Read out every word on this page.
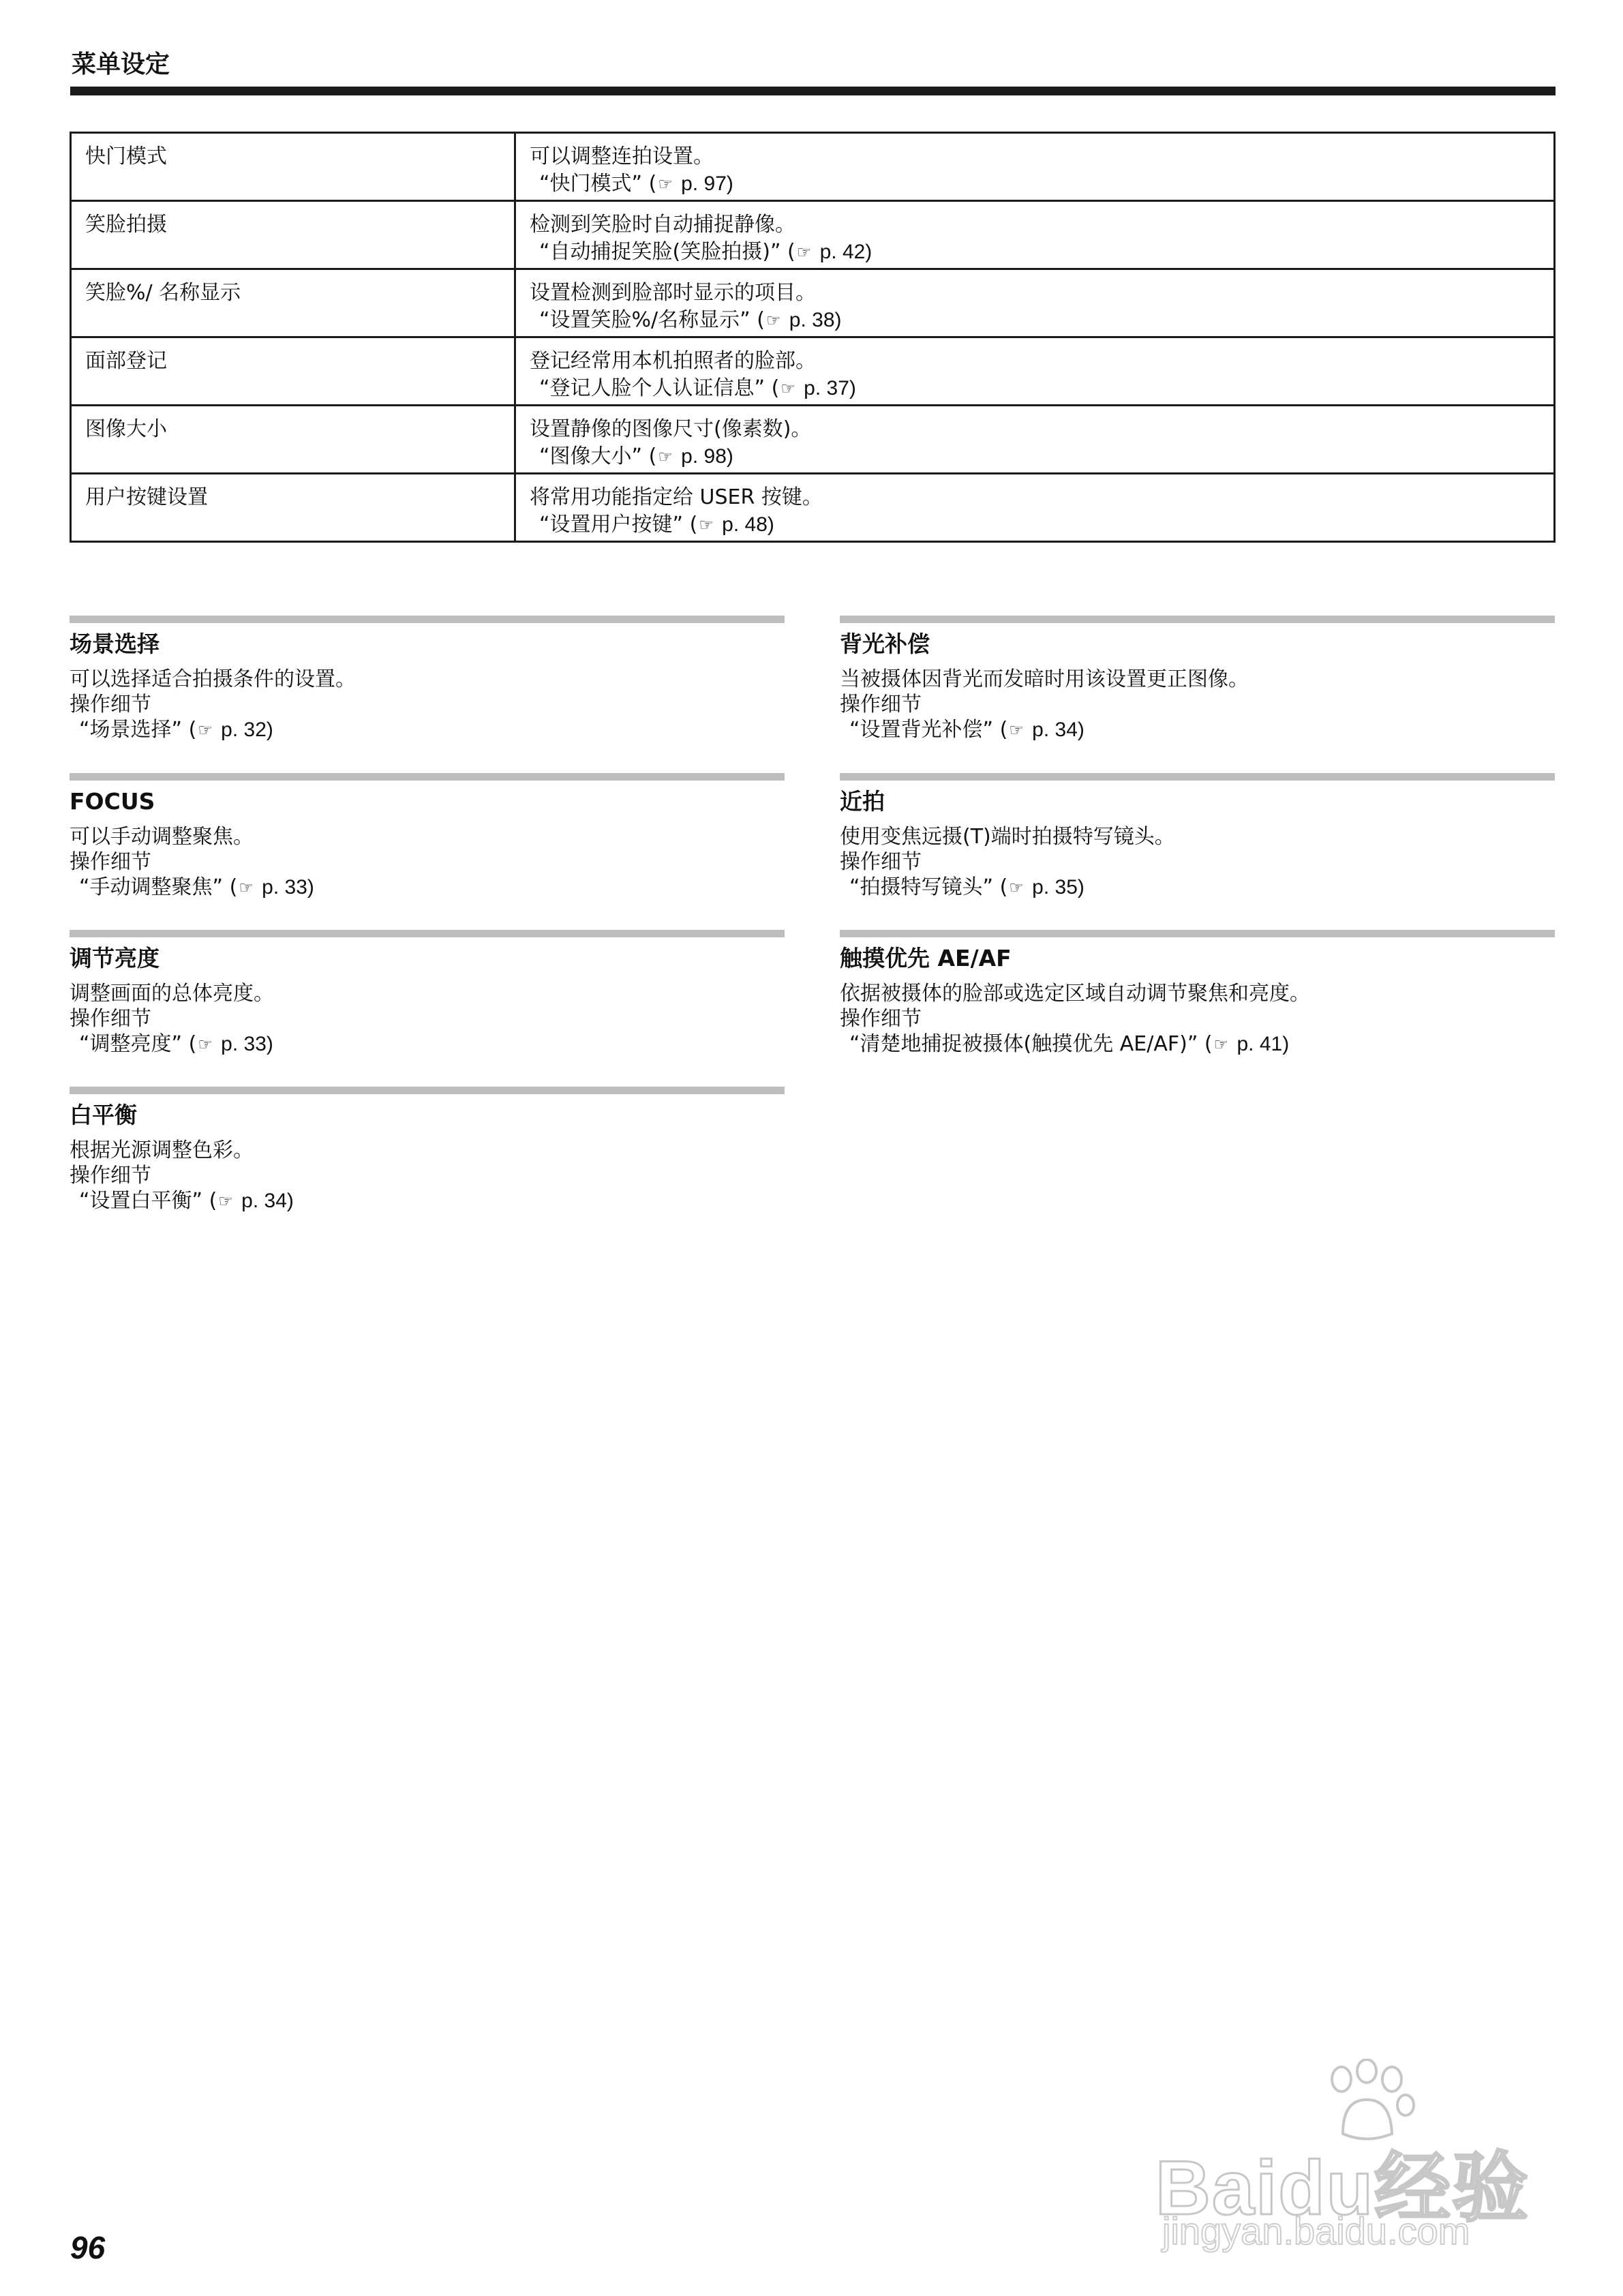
菜单设定
快门模式	可以调整连拍设置。
“快门模式” (☞ p. 97)

笑脸拍摄	检测到笑脸时自动捕捉静像。
“自动捕捉笑脸(笑脸拍摄)” (☞ p. 42)

笑脸%/ 名称显示	设置检测到脸部时显示的项目。
“设置笑脸%/名称显示” (☞ p. 38)

面部登记	登记经常用本机拍照者的脸部。
“登记人脸个人认证信息” (☞ p. 37)

图像大小	设置静像的图像尺寸(像素数)。
“图像大小” (☞ p. 98)

用户按键设置	将常用功能指定给 USER 按键。
“设置用户按键” (☞ p. 48)
场景选择
可以选择适合拍摄条件的设置。
操作细节
“场景选择” (☞ p. 32)
FOCUS
可以手动调整聚焦。
操作细节
“手动调整聚焦” (☞ p. 33)
调节亮度
调整画面的总体亮度。
操作细节
“调整亮度” (☞ p. 33)
白平衡
根据光源调整色彩。
操作细节
“设置白平衡” (☞ p. 34)
背光补偿
当被摄体因背光而发暗时用该设置更正图像。
操作细节
“设置背光补偿” (☞ p. 34)
近拍
使用变焦远摄(T)端时拍摄特写镜头。
操作细节
“拍摄特写镜头” (☞ p. 35)
触摸优先 AE/AF
依据被摄体的脸部或选定区域自动调节聚焦和亮度。
操作细节
“清楚地捕捉被摄体(触摸优先 AE/AF)” (☞ p. 41)
96
Baidu经验
jingyan.baidu.com
